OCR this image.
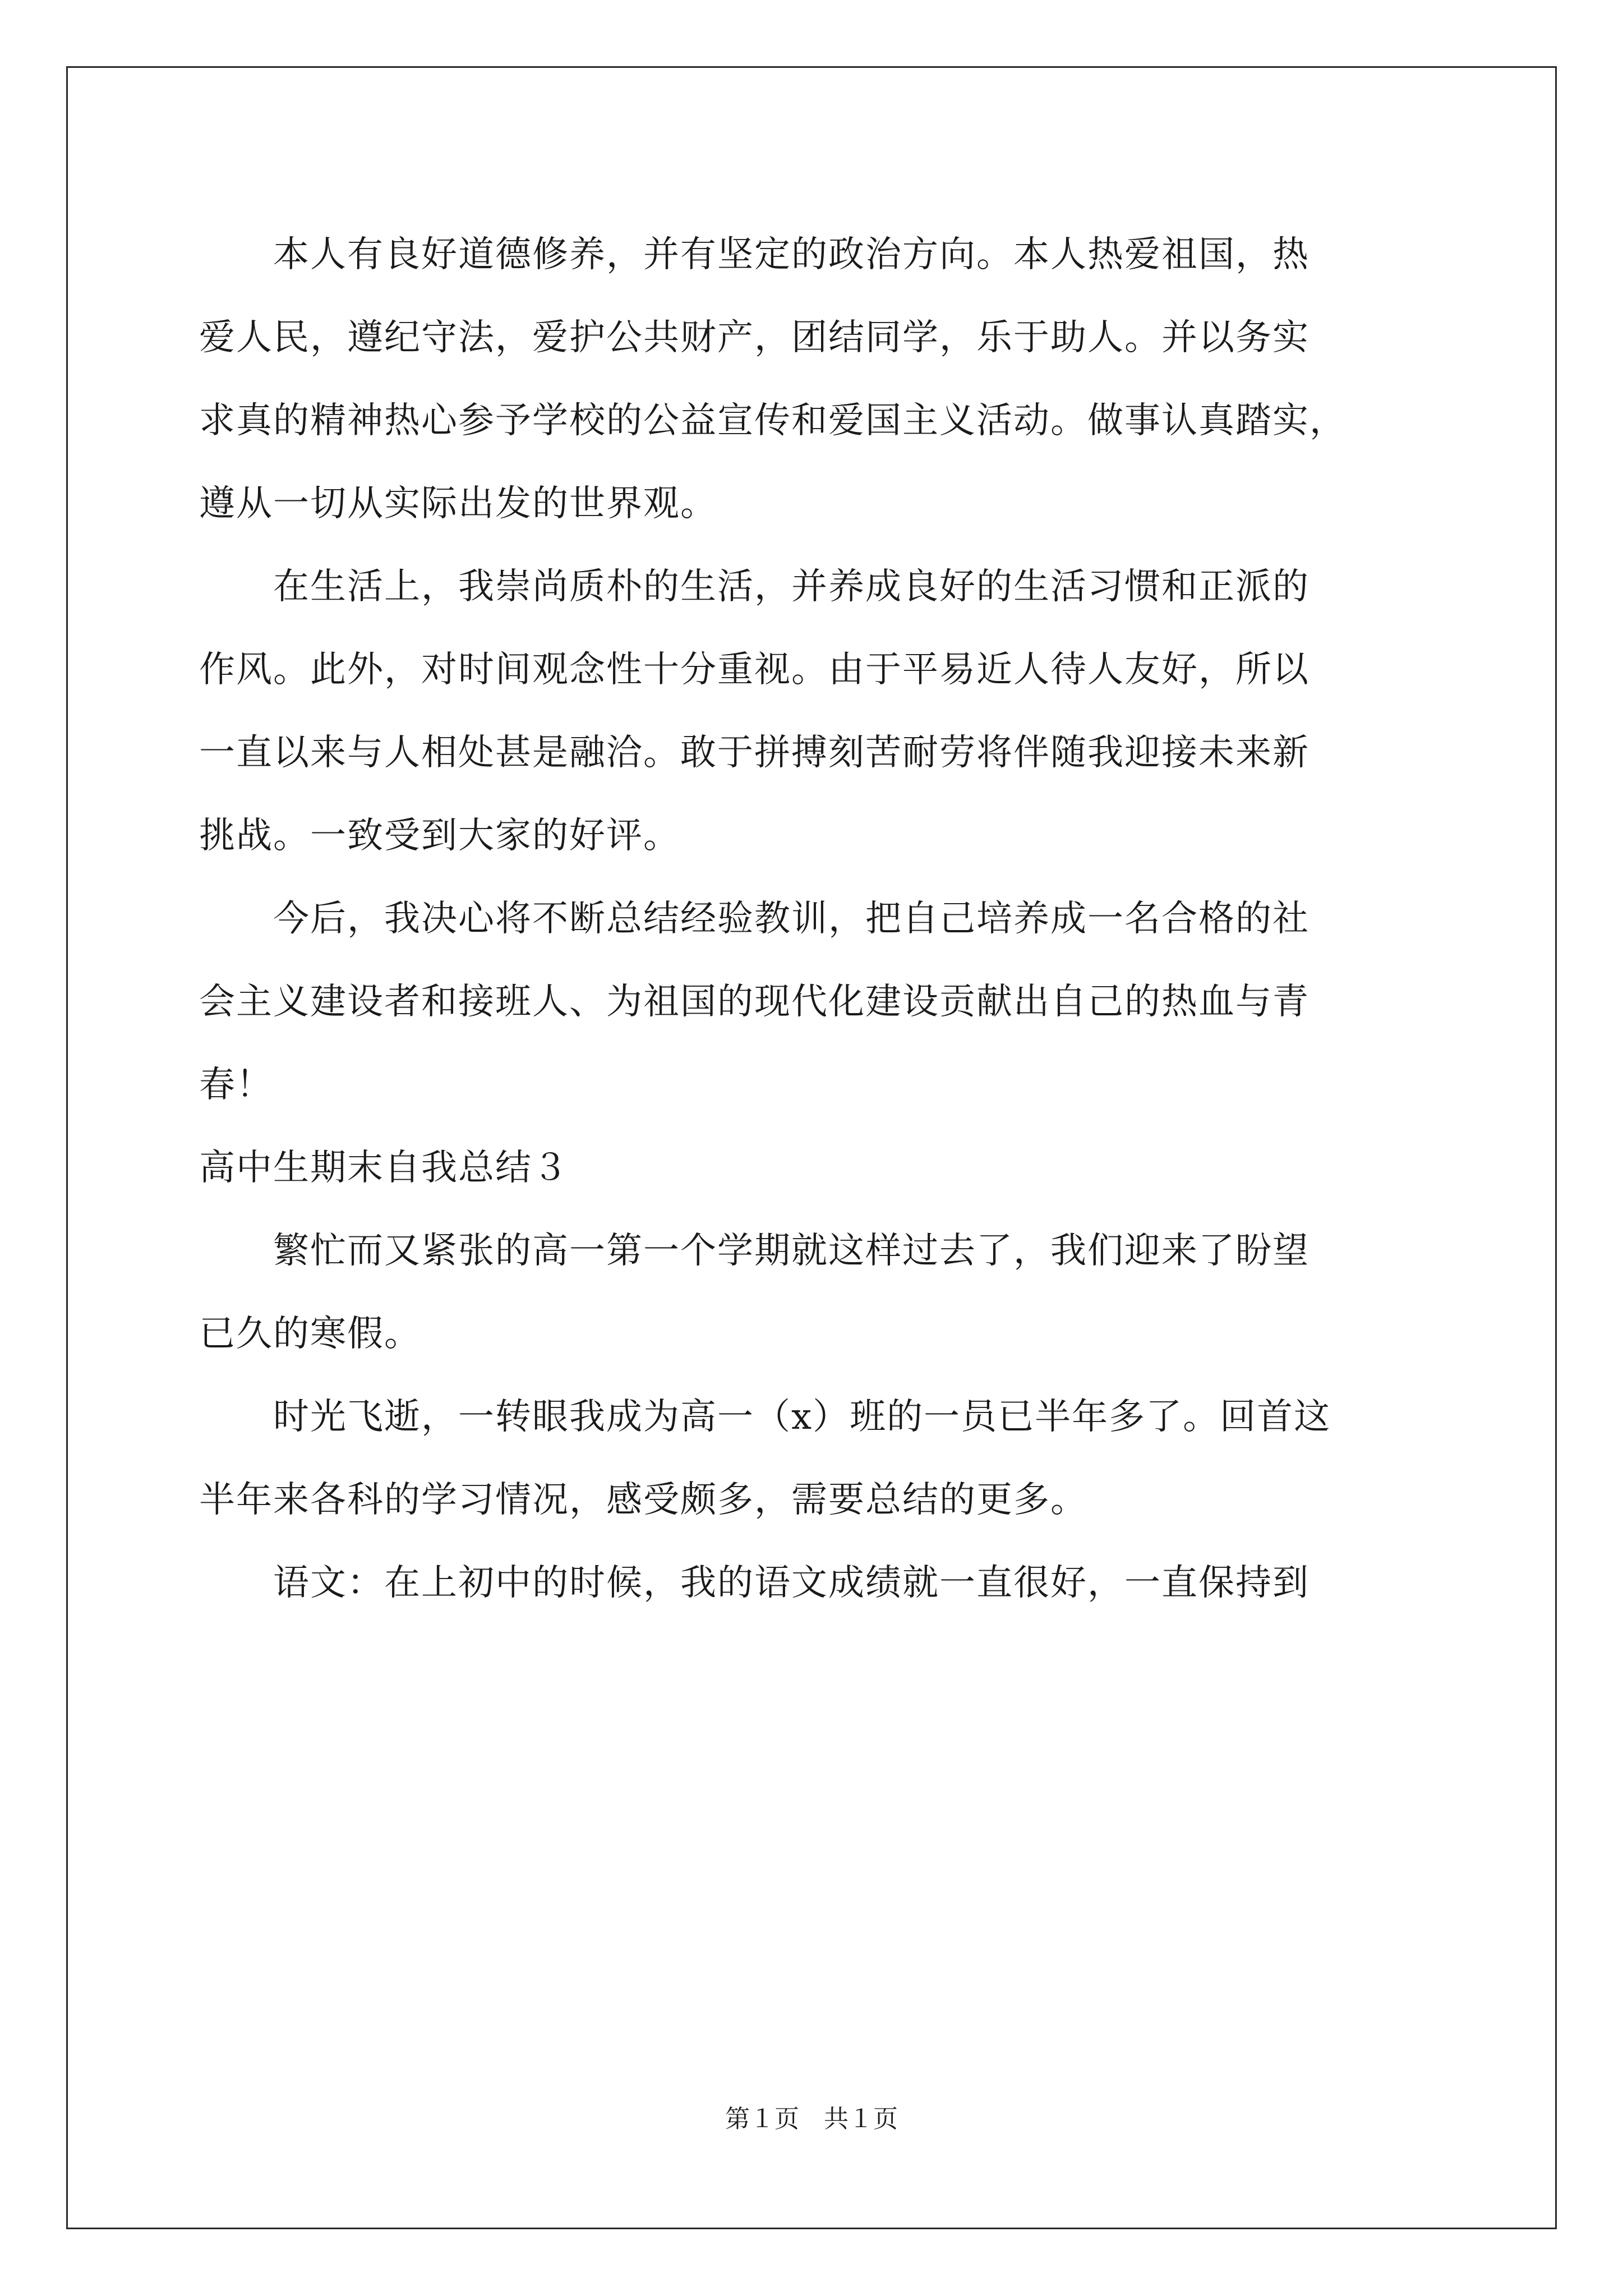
　　本人有良好道德修养，并有坚定的政治方向。本人热爱祖国，热
爱人民，遵纪守法，爱护公共财产，团结同学，乐于助人。并以务实
求真的精神热心参予学校的公益宣传和爱国主义活动。做事认真踏实，
遵从一切从实际出发的世界观。
　　在生活上，我崇尚质朴的生活，并养成良好的生活习惯和正派的
作风。此外，对时间观念性十分重视。由于平易近人待人友好，所以
一直以来与人相处甚是融洽。敢于拼搏刻苦耐劳将伴随我迎接未来新
挑战。一致受到大家的好评。
　　今后，我决心将不断总结经验教训，把自己培养成一名合格的社
会主义建设者和接班人、为祖国的现代化建设贡献出自己的热血与青
春！
高中生期末自我总结３
　　繁忙而又紧张的高一第一个学期就这样过去了，我们迎来了盼望
已久的寒假。
　　时光飞逝，一转眼我成为高一（x）班的一员已半年多了。回首这
半年来各科的学习情况，感受颇多，需要总结的更多。
　　语文：在上初中的时候，我的语文成绩就一直很好，一直保持到
第１页　共１页
